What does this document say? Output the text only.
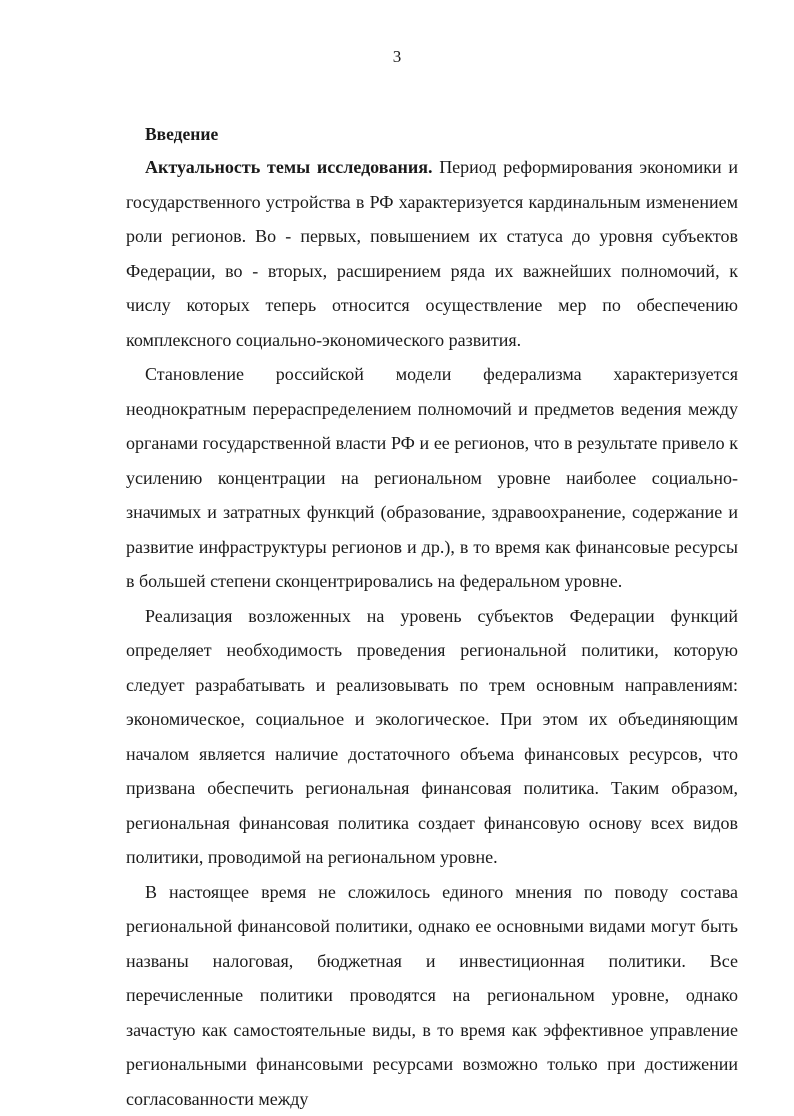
3

Введение

Актуальность темы исследования. Период реформирования экономики и государственного устройства в РФ характеризуется кардинальным изменением роли регионов. Во - первых, повышением их статуса до уровня субъектов Федерации, во - вторых, расширением ряда их важнейших полномочий, к числу которых теперь относится осуществление мер по обеспечению комплексного социально-экономического развития.

Становление российской модели федерализма характеризуется неоднократным перераспределением полномочий и предметов ведения между органами государственной власти РФ и ее регионов, что в результате привело к усилению концентрации на региональном уровне наиболее социально-значимых и затратных функций (образование, здравоохранение, содержание и развитие инфраструктуры регионов и др.), в то время как финансовые ресурсы в большей степени сконцентрировались на федеральном уровне.

Реализация возложенных на уровень субъектов Федерации функций определяет необходимость проведения региональной политики, которую следует разрабатывать и реализовывать по трем основным направлениям: экономическое, социальное и экологическое. При этом их объединяющим началом является наличие достаточного объема финансовых ресурсов, что призвана обеспечить региональная финансовая политика. Таким образом, региональная финансовая политика создает финансовую основу всех видов политики, проводимой на региональном уровне.

В настоящее время не сложилось единого мнения по поводу состава региональной финансовой политики, однако ее основными видами могут быть названы налоговая, бюджетная и инвестиционная политики. Все перечисленные политики проводятся на региональном уровне, однако зачастую как самостоятельные виды, в то время как эффективное управление региональными финансовыми ресурсами возможно только при достижении согласованности между
